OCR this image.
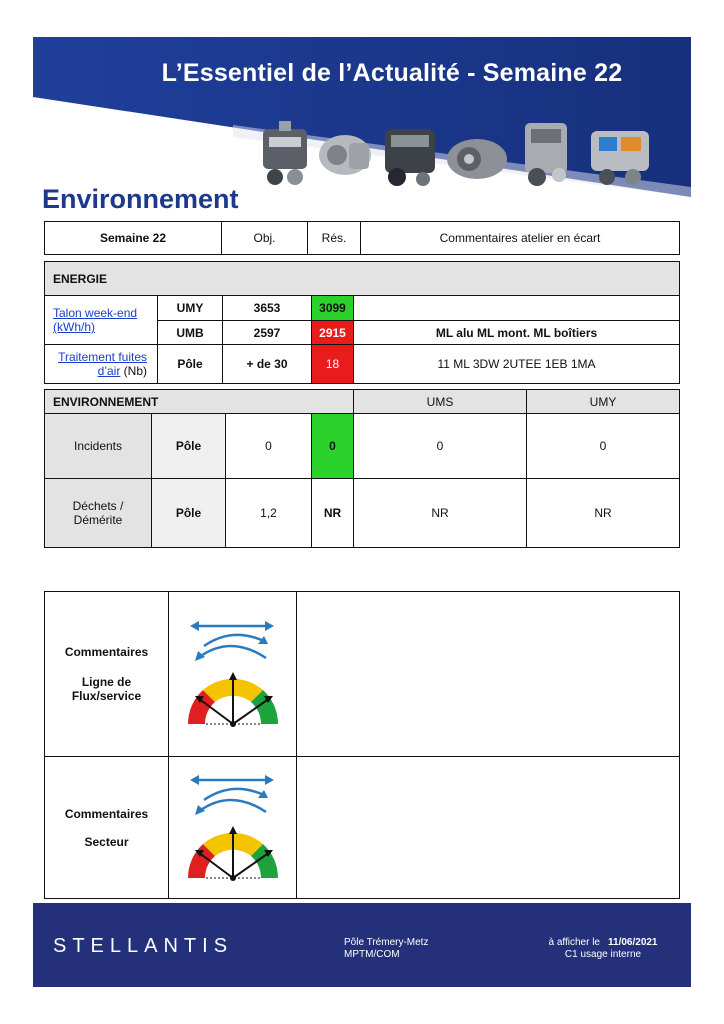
L’Essentiel de l’Actualité - Semaine 22
Environnement
Semaine 22	Obj.	Rés.	Commentaires atelier en écart
ENERGIE
Talon week-end
(kWh/h)
UMY	3653	3099
UMB	2597	2915	ML alu ML mont. ML boîtiers
Traitement fuites
d’air (Nb)	Pôle	+ de 30	18	11 ML 3DW 2UTEE 1EB 1MA
ENVIRONNEMENT	UMS	UMY
Incidents	Pôle	0	0	0	0
Déchets /
Démérite	Pôle	1,2	NR	NR	NR
Commentaires
Ligne de
Flux/service
Commentaires
Secteur
STELLANTIS	Pôle Trémery-Metz
MPTM/COM
à afficher le 11/06/2021
C1 usage interne
